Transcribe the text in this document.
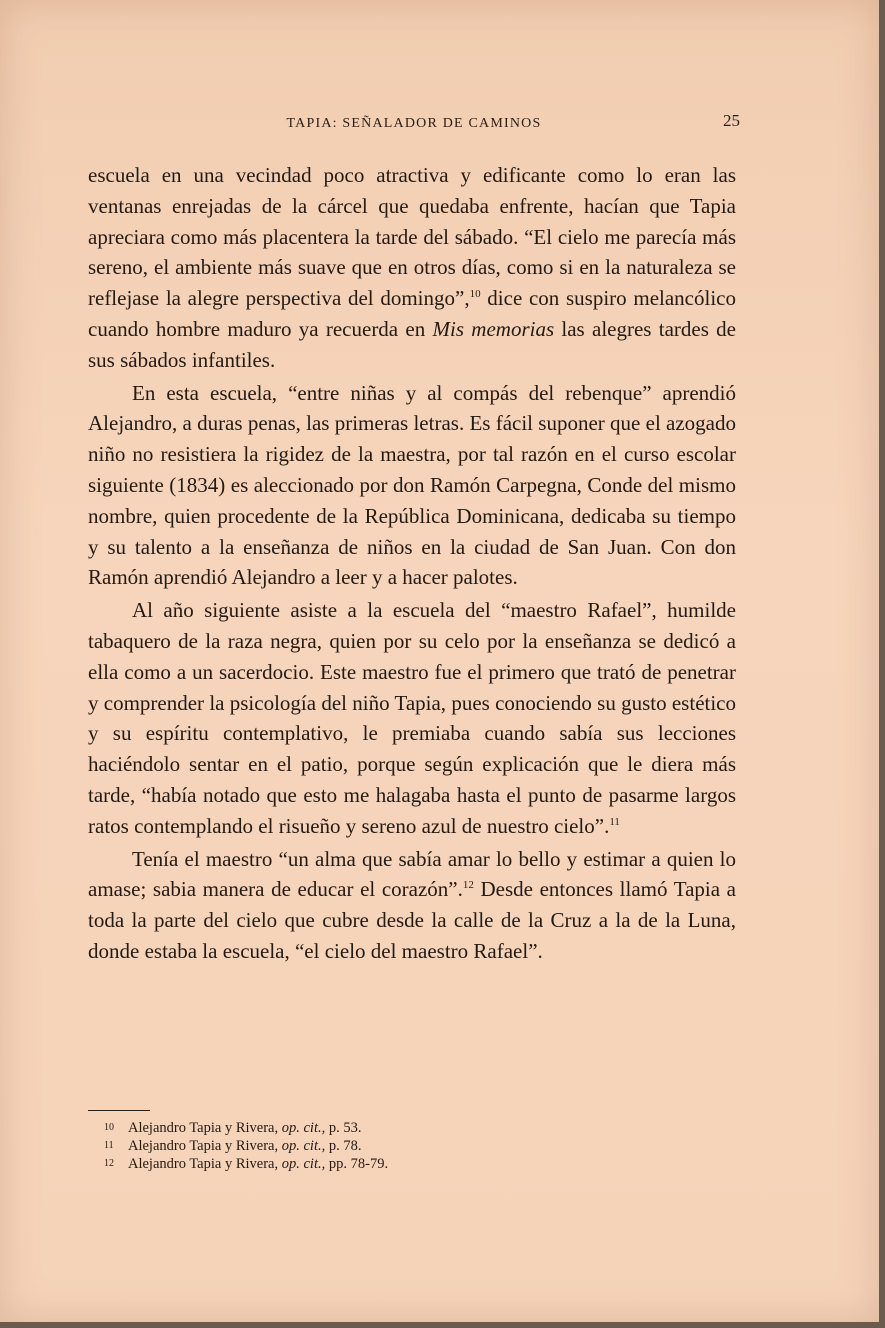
TAPIA: SEÑALADOR DE CAMINOS	25

escuela en una vecindad poco atractiva y edificante como lo eran las ventanas enrejadas de la cárcel que quedaba enfrente, hacían que Tapia apreciara como más placentera la tarde del sábado. “El cielo me parecía más sereno, el ambiente más suave que en otros días, como si en la naturaleza se reflejase la alegre perspectiva del domingo”,$^{10}$ dice con suspiro melancólico cuando hombre maduro ya recuerda en Mis memorias las alegres tardes de sus sábados infantiles.

En esta escuela, “entre niñas y al compás del rebenque” aprendió Alejandro, a duras penas, las primeras letras. Es fácil suponer que el azogado niño no resistiera la rigidez de la maestra, por tal razón en el curso escolar siguiente (1834) es aleccionado por don Ramón Carpegna, Conde del mismo nombre, quien procedente de la República Dominicana, dedicaba su tiempo y su talento a la enseñanza de niños en la ciudad de San Juan. Con don Ramón aprendió Alejandro a leer y a hacer palotes.

Al año siguiente asiste a la escuela del “maestro Rafael”, humilde tabaquero de la raza negra, quien por su celo por la enseñanza se dedicó a ella como a un sacerdocio. Este maestro fue el primero que trató de penetrar y comprender la psicología del niño Tapia, pues conociendo su gusto estético y su espíritu contemplativo, le premiaba cuando sabía sus lecciones haciéndolo sentar en el patio, porque según explicación que le diera más tarde, “había notado que esto me halagaba hasta el punto de pasarme largos ratos contemplando el risueño y sereno azul de nuestro cielo”.$^{11}$

Tenía el maestro “un alma que sabía amar lo bello y estimar a quien lo amase; sabia manera de educar el corazón”.$^{12}$ Desde entonces llamó Tapia a toda la parte del cielo que cubre desde la calle de la Cruz a la de la Luna, donde estaba la escuela, “el cielo del maestro Rafael”.

10 Alejandro Tapia y Rivera, op. cit., p. 53.
11 Alejandro Tapia y Rivera, op. cit., p. 78.
12 Alejandro Tapia y Rivera, op. cit., pp. 78-79.
